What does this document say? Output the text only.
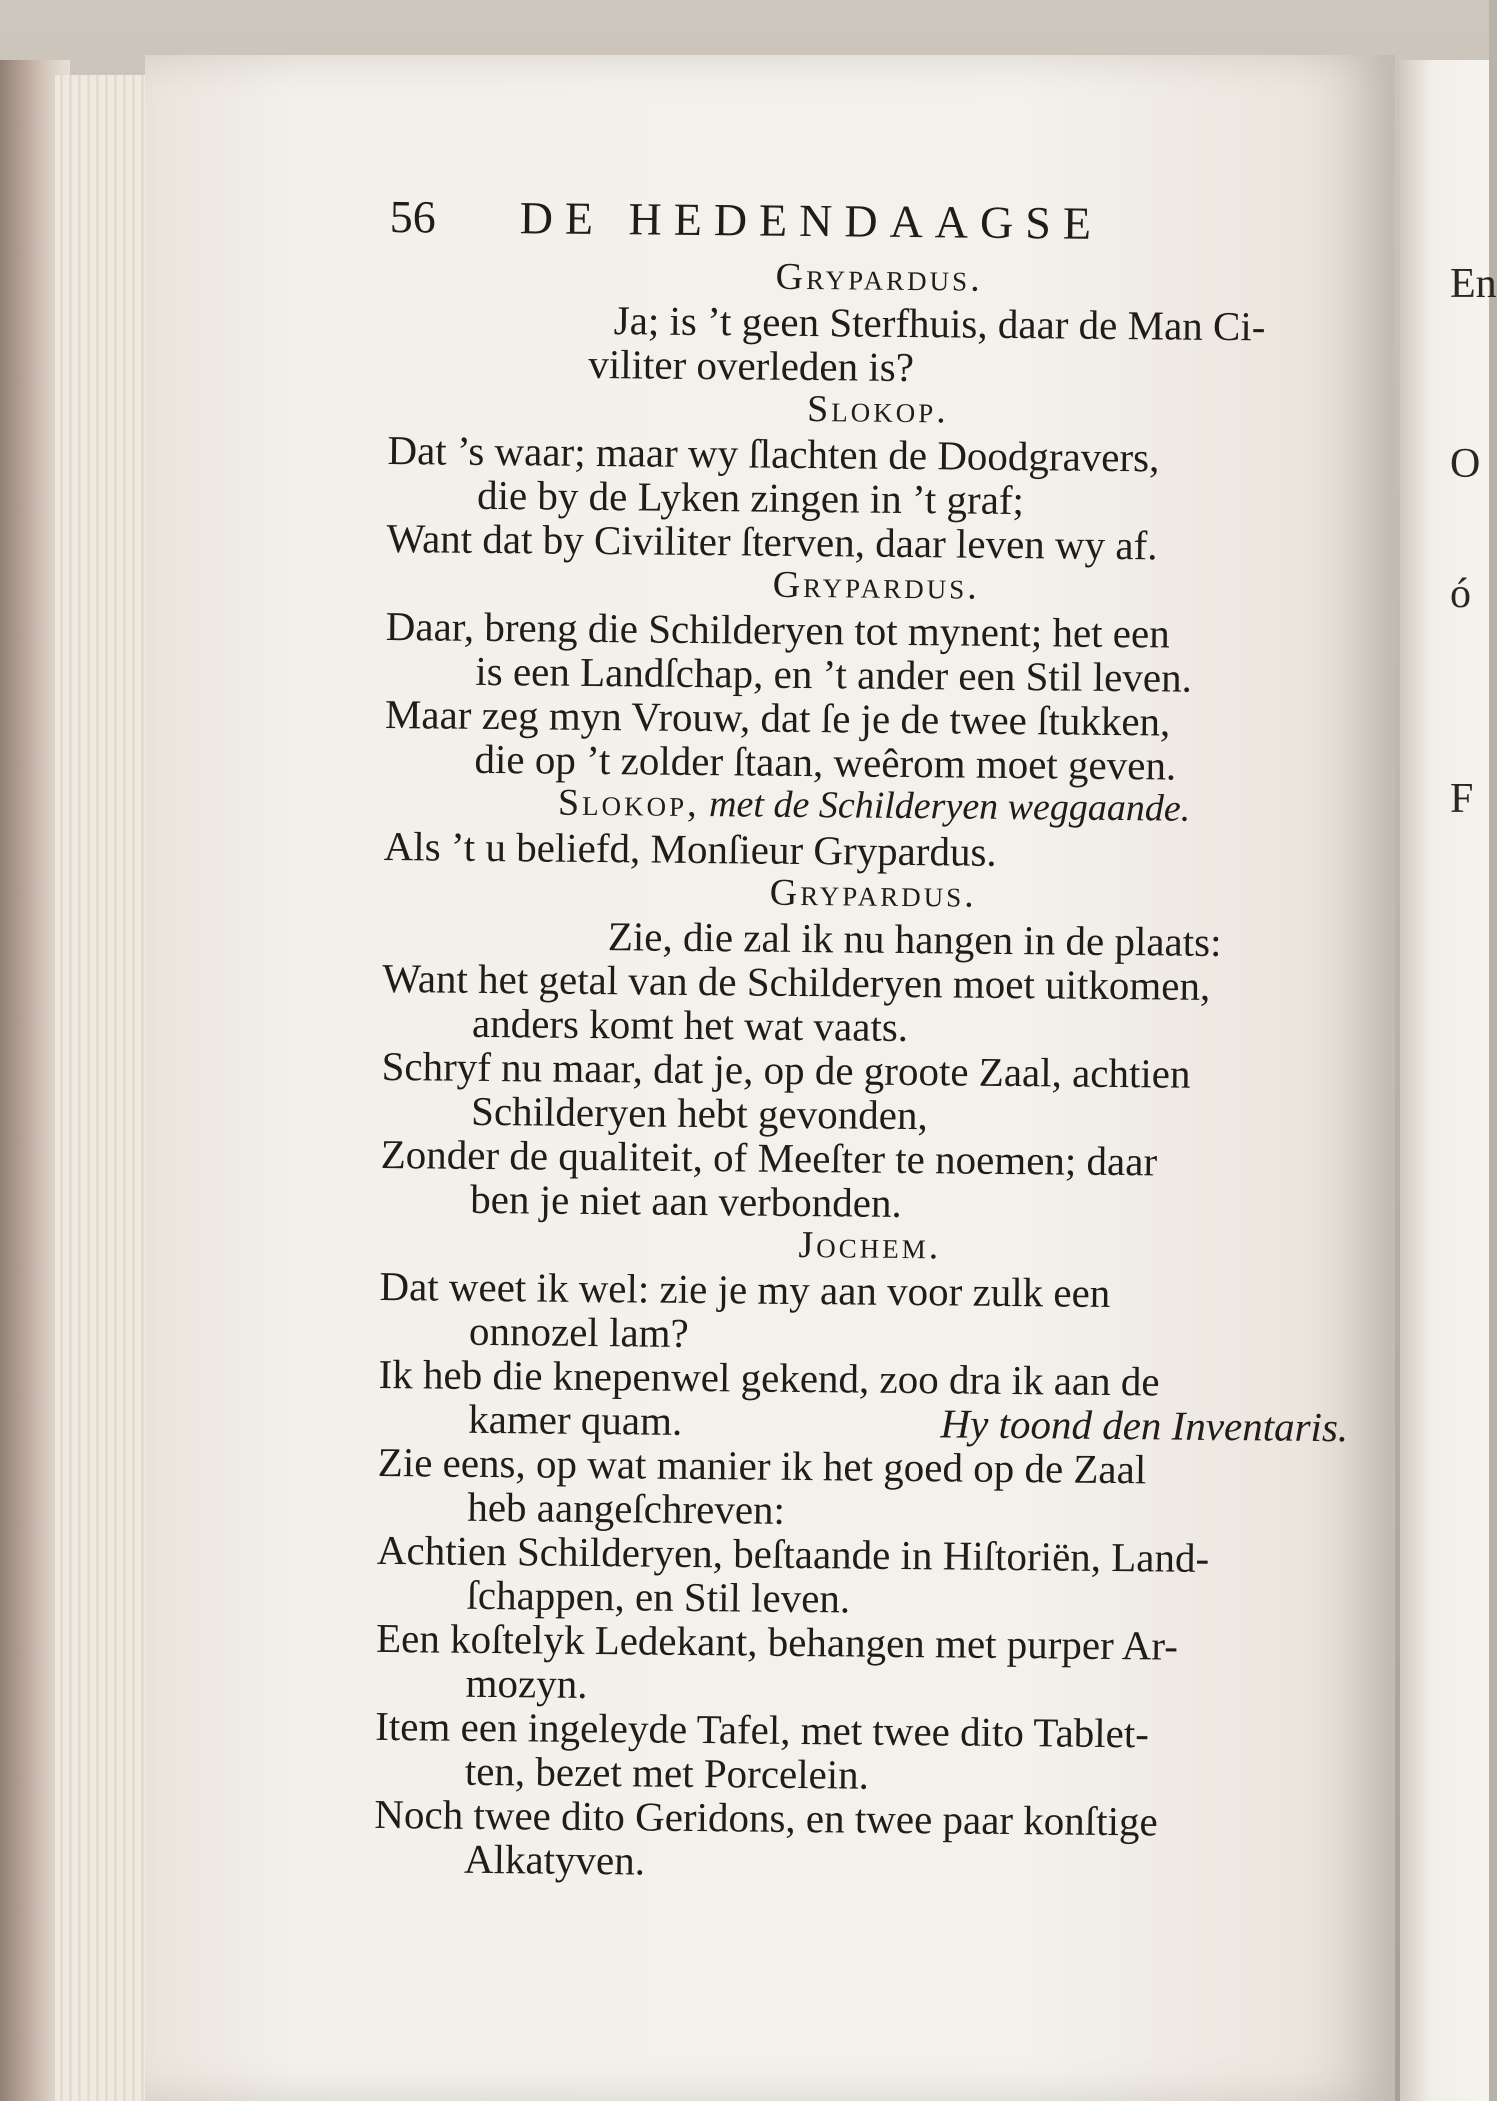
En
O
ó
F
56 DE HEDENDAAGSE
Grypardus.
Ja; is ’t geen Sterfhuis, daar de Man Ci-
viliter overleden is?
Slokop.
Dat ’s waar; maar wy ſlachten de Doodgravers,
die by de Lyken zingen in ’t graf;
Want dat by Civiliter ſterven, daar leven wy af.
Grypardus.
Daar, breng die Schilderyen tot mynent; het een
is een Landſchap, en ’t ander een Stil leven.
Maar zeg myn Vrouw, dat ſe je de twee ſtukken,
die op ’t zolder ſtaan, weêrom moet geven.
Slokop, met de Schilderyen weggaande.
Als ’t u beliefd, Monſieur Grypardus.
Grypardus.
Zie, die zal ik nu hangen in de plaats:
Want het getal van de Schilderyen moet uitkomen,
anders komt het wat vaats.
Schryf nu maar, dat je, op de groote Zaal, achtien
Schilderyen hebt gevonden,
Zonder de qualiteit, of Meeſter te noemen; daar
ben je niet aan verbonden.
Jochem.
Dat weet ik wel: zie je my aan voor zulk een
onnozel lam?
Ik heb die knepenwel gekend, zoo dra ik aan de
kamer quam.	Hy toond den Inventaris.
Zie eens, op wat manier ik het goed op de Zaal
heb aangeſchreven:
Achtien Schilderyen, beſtaande in Hiſtoriën, Land-
ſchappen, en Stil leven.
Een koſtelyk Ledekant, behangen met purper Ar-
mozyn.
Item een ingeleyde Tafel, met twee dito Tablet-
ten, bezet met Porcelein.
Noch twee dito Geridons, en twee paar konſtige
Alkatyven.
